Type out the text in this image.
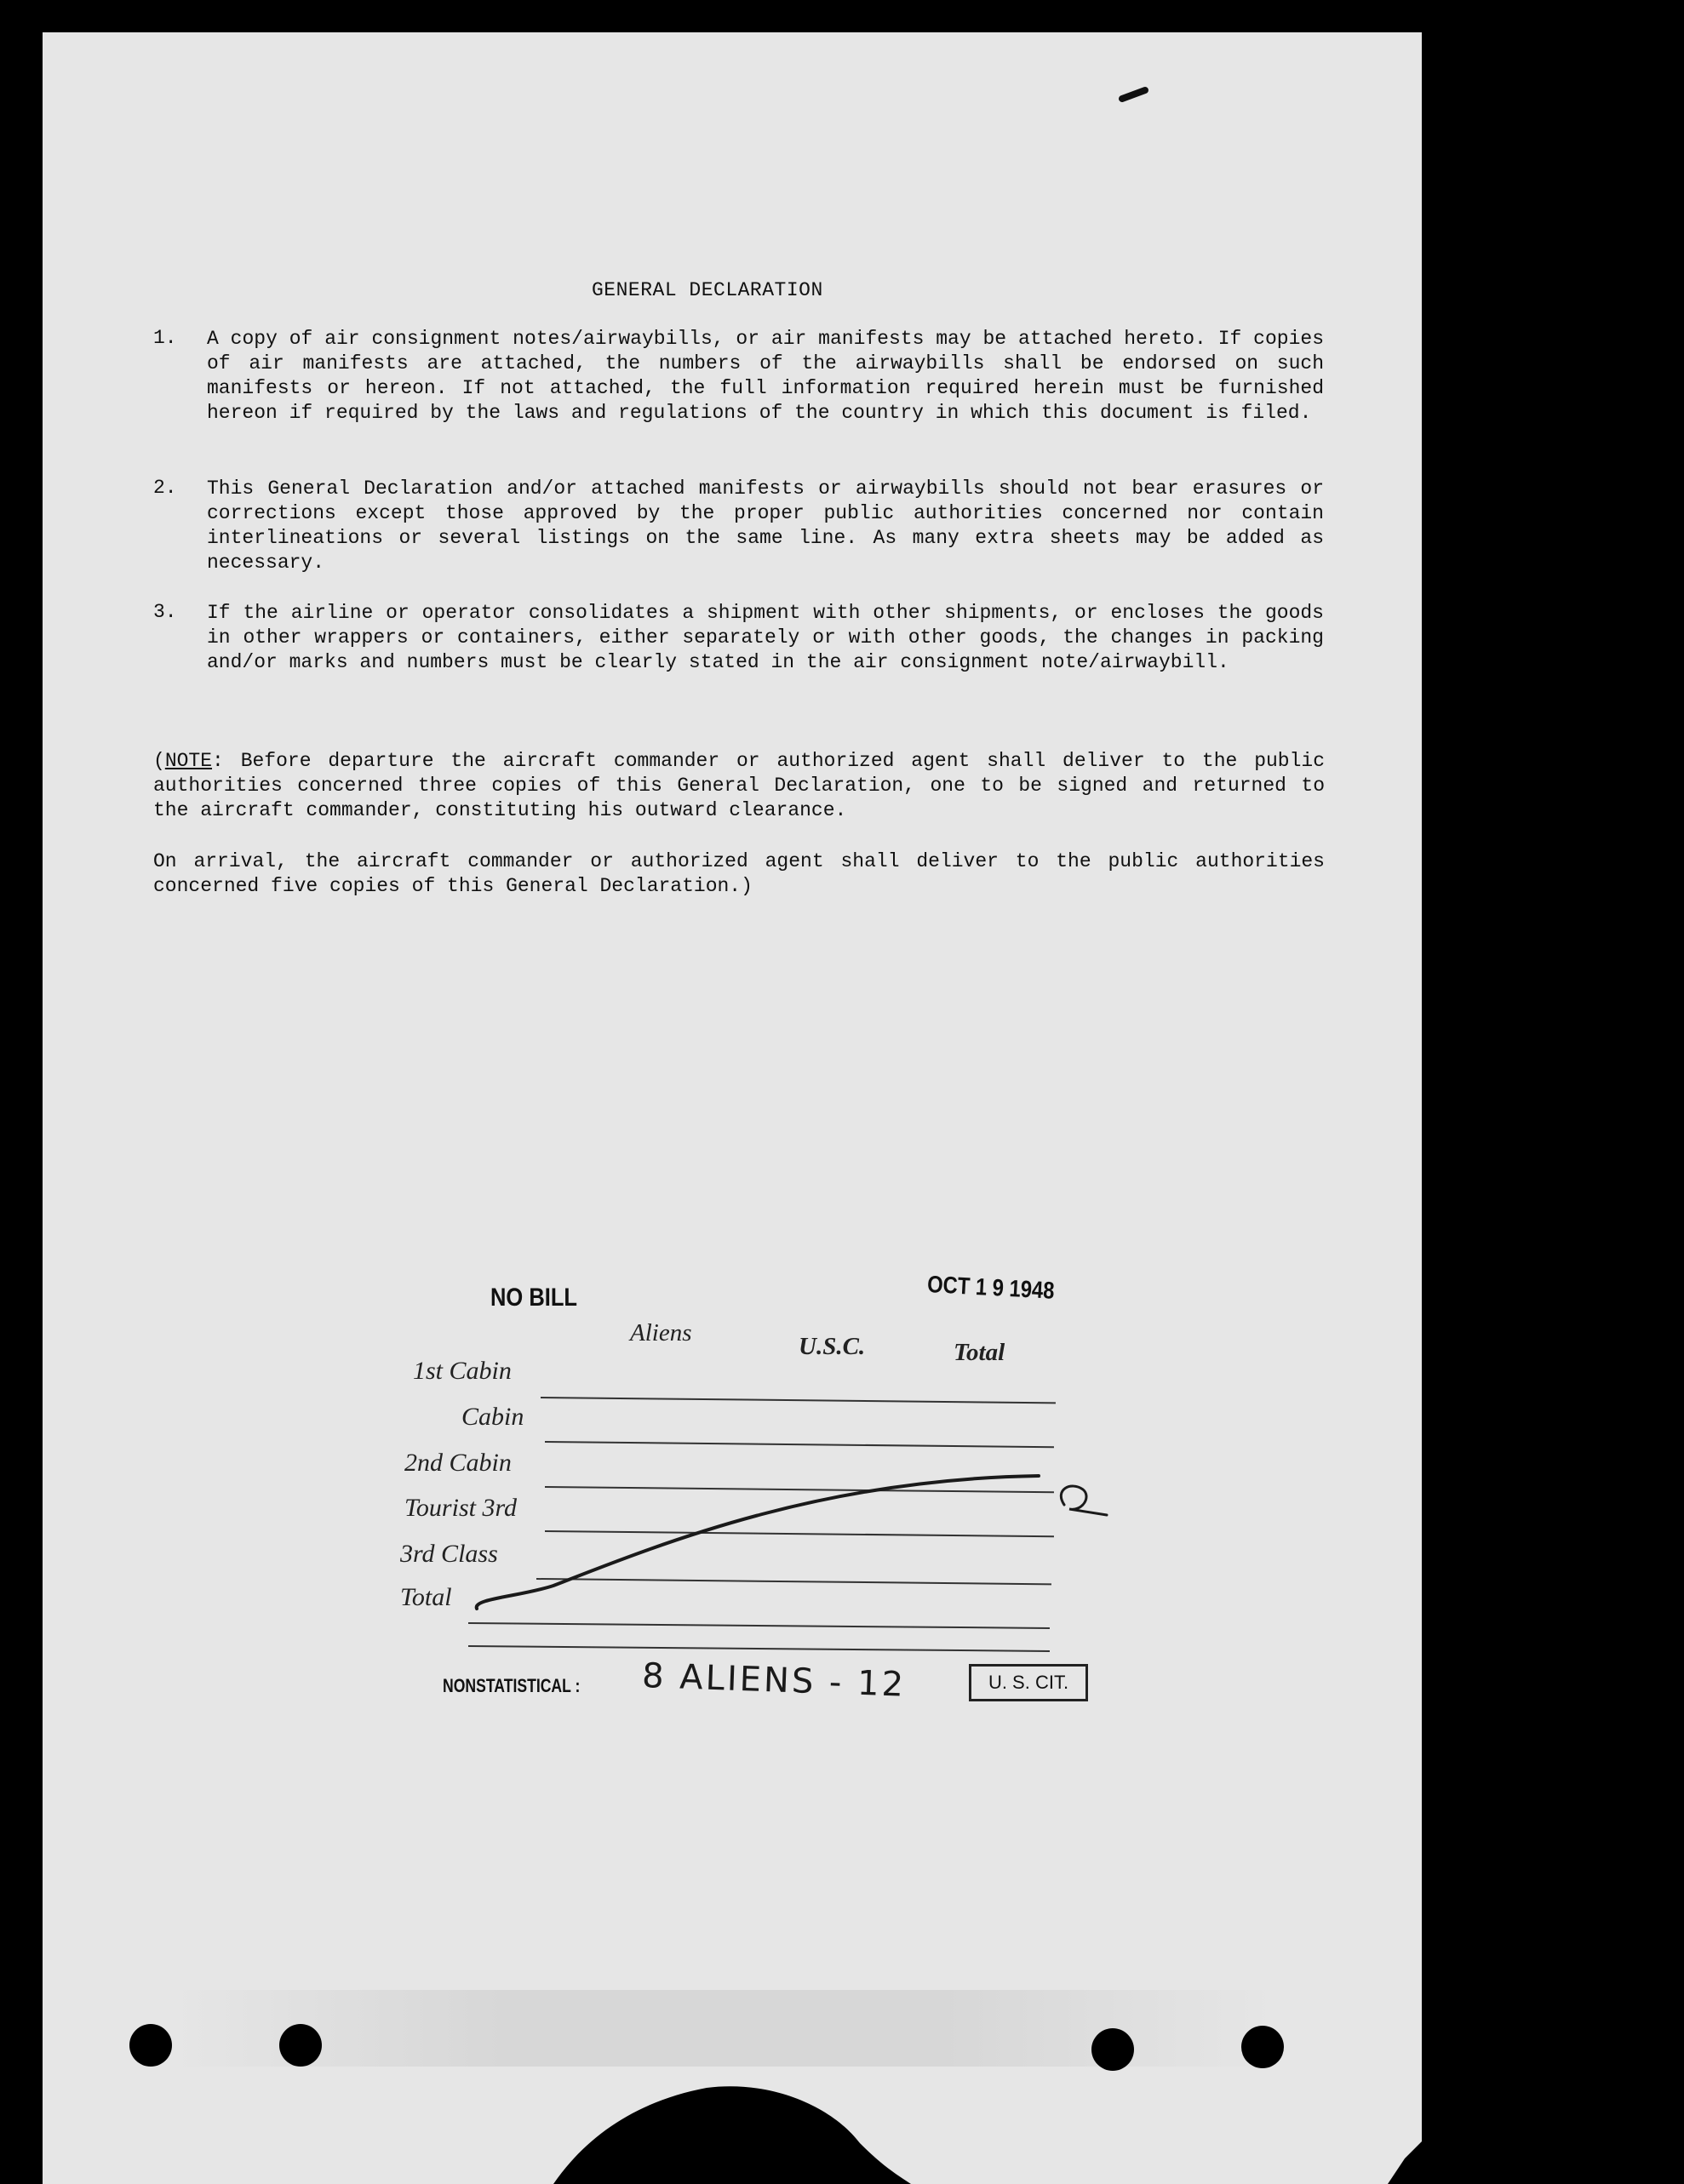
GENERAL DECLARATION
1. A copy of air consignment notes/airwaybills, or air manifests may be attached hereto. If copies of air manifests are attached, the numbers of the airwaybills shall be endorsed on such manifests or hereon. If not attached, the full information required herein must be furnished hereon if required by the laws and regulations of the country in which this document is filed.
2. This General Declaration and/or attached manifests or airwaybills should not bear erasures or corrections except those approved by the proper public authorities concerned nor contain interlineations or several listings on the same line. As many extra sheets may be added as necessary.
3. If the airline or operator consolidates a shipment with other shipments, or encloses the goods in other wrappers or containers, either separately or with other goods, the changes in packing and/or marks and numbers must be clearly stated in the air consignment note/airwaybill.
(NOTE: Before departure the aircraft commander or authorized agent shall deliver to the public authorities concerned three copies of this General Declaration, one to be signed and returned to the aircraft commander, constituting his outward clearance.
On arrival, the aircraft commander or authorized agent shall deliver to the public authorities concerned five copies of this General Declaration.)
NO BILL	OCT 1 9 1948
Aliens	U.S.C.	Total
1st Cabin
Cabin
2nd Cabin
Tourist 3rd
3rd Class
Total
NONSTATISTICAL : 8 ALIENS - 12	U. S. CIT.
